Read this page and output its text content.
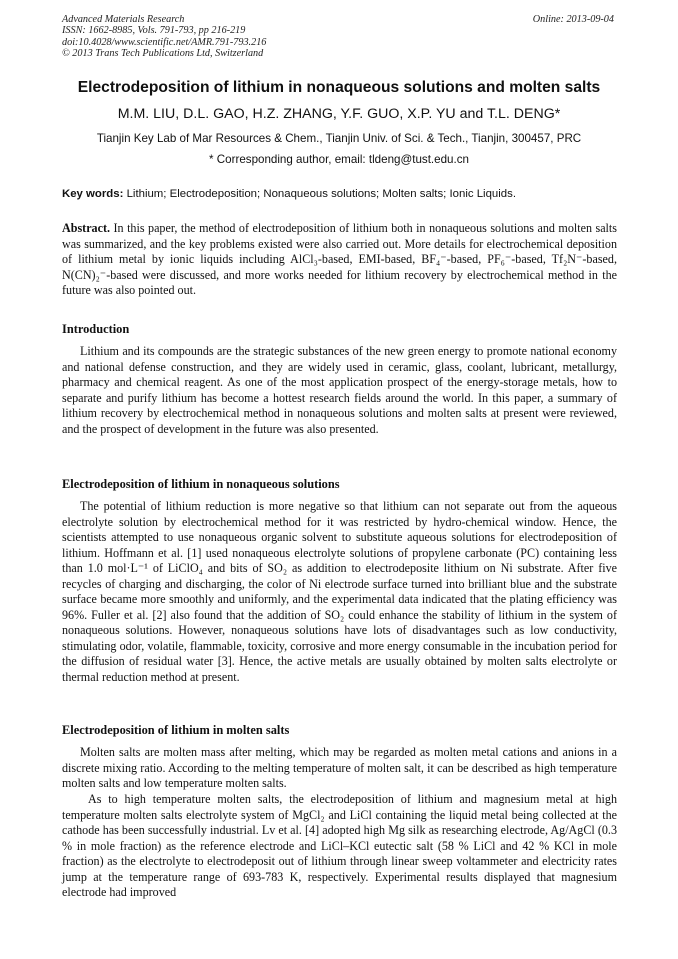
Advanced Materials Research
ISSN: 1662-8985, Vols. 791-793, pp 216-219
doi:10.4028/www.scientific.net/AMR.791-793.216
© 2013 Trans Tech Publications Ltd, Switzerland
Online: 2013-09-04
Electrodeposition of lithium in nonaqueous solutions and molten salts
M.M. LIU, D.L. GAO, H.Z. ZHANG, Y.F. GUO, X.P. YU and T.L. DENG*
Tianjin Key Lab of Mar Resources & Chem., Tianjin Univ. of Sci. & Tech., Tianjin, 300457, PRC
* Corresponding author, email: tldeng@tust.edu.cn
Key words: Lithium; Electrodeposition; Nonaqueous solutions; Molten salts; Ionic Liquids.
Abstract. In this paper, the method of electrodeposition of lithium both in nonaqueous solutions and molten salts was summarized, and the key problems existed were also carried out. More details for electrochemical deposition of lithium metal by ionic liquids including AlCl₃-based, EMI-based, BF₄⁻-based, PF₆⁻-based, Tf₂N⁻-based, N(CN)₂⁻-based were discussed, and more works needed for lithium recovery by electrochemical method in the future was also pointed out.
Introduction
Lithium and its compounds are the strategic substances of the new green energy to promote national economy and national defense construction, and they are widely used in ceramic, glass, coolant, lubricant, metallurgy, pharmacy and chemical reagent. As one of the most application prospect of the energy-storage metals, how to separate and purify lithium has become a hottest research fields around the world. In this paper, a summary of lithium recovery by electrochemical method in nonaqueous solutions and molten salts at present were reviewed, and the prospect of development in the future was also presented.
Electrodeposition of lithium in nonaqueous solutions
The potential of lithium reduction is more negative so that lithium can not separate out from the aqueous electrolyte solution by electrochemical method for it was restricted by hydro-chemical window. Hence, the scientists attempted to use nonaqueous organic solvent to substitute aqueous solutions for electrodeposition of lithium. Hoffmann et al. [1] used nonaqueous electrolyte solutions of propylene carbonate (PC) containing less than 1.0 mol·L⁻¹ of LiClO₄ and bits of SO₂ as addition to electrodeposite lithium on Ni substrate. After five recycles of charging and discharging, the color of Ni electrode surface turned into brilliant blue and the substrate surface became more smoothly and uniformly, and the experimental data indicated that the plating efficiency was 96%. Fuller et al. [2] also found that the addition of SO₂ could enhance the stability of lithium in the system of nonaqueous solutions. However, nonaqueous solutions have lots of disadvantages such as low conductivity, stimulating odor, volatile, flammable, toxicity, corrosive and more energy consumable in the incubation period for the diffusion of residual water [3]. Hence, the active metals are usually obtained by molten salts electrolyte or thermal reduction method at present.
Electrodeposition of lithium in molten salts
Molten salts are molten mass after melting, which may be regarded as molten metal cations and anions in a discrete mixing ratio. According to the melting temperature of molten salt, it can be described as high temperature molten salts and low temperature molten salts.
As to high temperature molten salts, the electrodeposition of lithium and magnesium metal at high temperature molten salts electrolyte system of MgCl₂ and LiCl containing the liquid metal being collected at the cathode has been successfully industrial. Lv et al. [4] adopted high Mg silk as researching electrode, Ag/AgCl (0.3 % in mole fraction) as the reference electrode and LiCl–KCl eutectic salt (58 % LiCl and 42 % KCl in mole fraction) as the electrolyte to electrodeposit out of lithium through linear sweep voltammeter and electricity rates jump at the temperature range of 693-783 K, respectively. Experimental results displayed that magnesium electrode had improved
